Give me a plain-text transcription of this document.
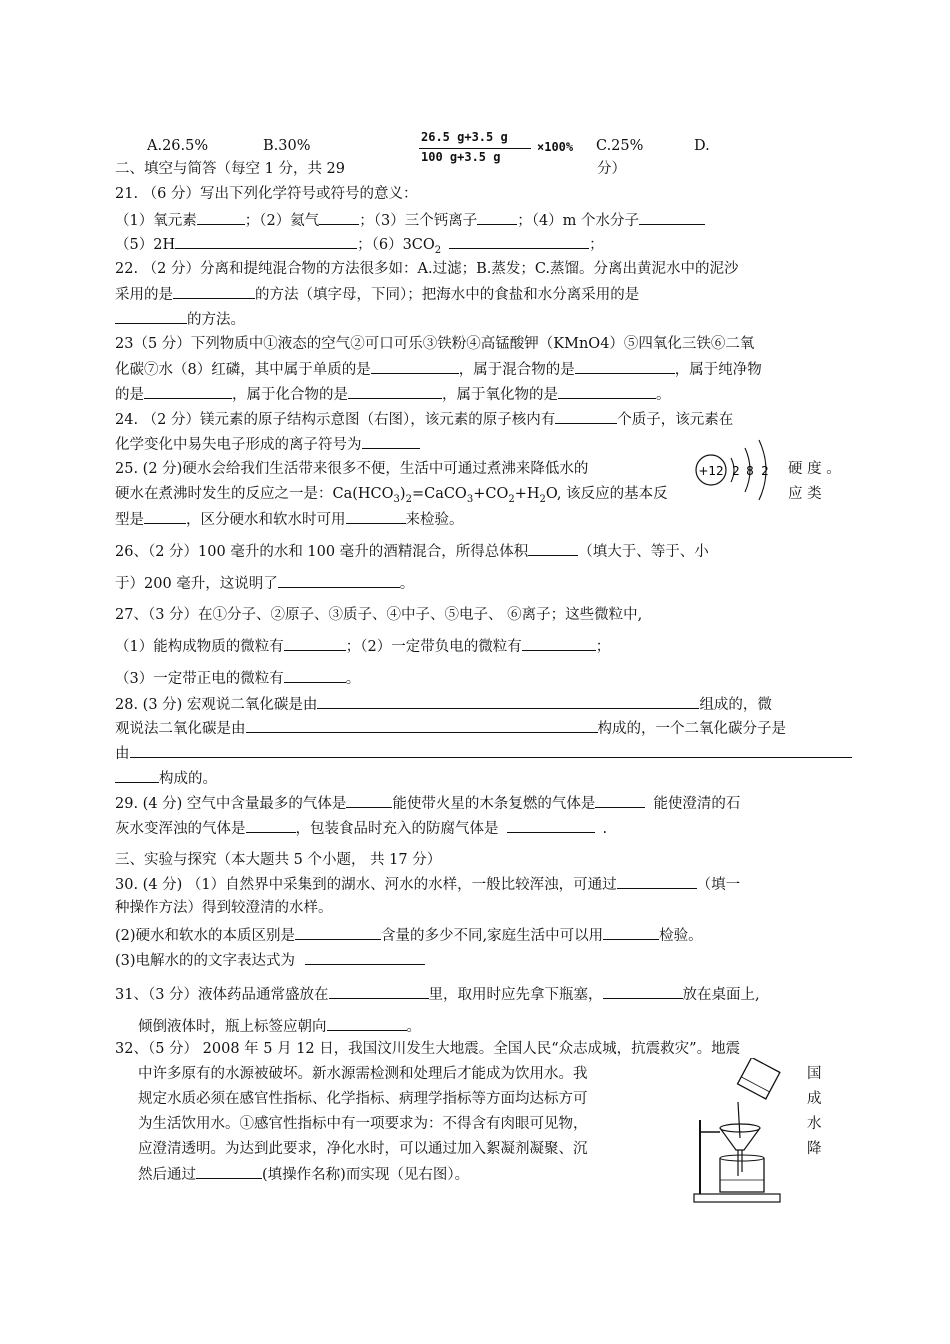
A.26.5%	B.30%
26.5 g+3.5 g
100 g+3.5 g
×100% C.25%	D.
二、填空与简答（每空 1 分，共 29	分）
21. （6 分）写出下列化学符号或符号的意义：
（1）氧元素	；（2）氦气	；（3）三个钙离子	；（4）m 个水分子
（5）2H	；$(6)3CO_2$	；
22. （2 分）分离和提纯混合物的方法很多如：A.过滤；B.蒸发；C.蒸馏。分离出黄泥水中的泥沙
采用的是	的方法（填字母，下同）；把海水中的食盐和水分离采用的是
的方法。
23（5 分）下列物质中①液态的空气②可口可乐③铁粉④高锰酸钾（KMnO4）⑤四氧化三铁⑥二氧
化碳⑦水（8）红磷，其中属于单质的是	，属于混合物的是	，属于纯净物
的是	，属于化合物的是	，属于氧化物的是	。
24. （2 分）镁元素的原子结构示意图（右图），该元素的原子核内有	个质子，该元素在
化学变化中易失电子形成的离子符号为
+12 2 8 2
25. (2 分)硬水会给我们生活带来很多不便，生活中可通过煮沸来降低水的	硬 度 。
硬水在煮沸时发生的反应之一是：$Ca(HCO_3)_2=CaCO_3+CO_2+H_2O$, 该反应的基本反	应 类
型是	，区分硬水和软水时可用	来检验。
26、（2 分）100 毫升的水和 100 毫升的酒精混合，所得总体积	（填大于、等于、小
于）200 毫升，这说明了	。
27、（3 分）在①分子、②原子、③质子、④中子、⑤电子、 ⑥离子；这些微粒中,
（1）能构成物质的微粒有	；（2）一定带负电的微粒有	；
（3）一定带正电的微粒有	。
28. (3 分) 宏观说二氧化碳是由	组成的，微
观说法二氧化碳是由	构成的，一个二氧化碳分子是
由
构成的。
29. (4 分) 空气中含量最多的气体是	能使带火星的木条复燃的气体是	能使澄清的石
灰水变浑浊的气体是	，包装食品时充入的防腐气体是	.
三、实验与探究（本大题共 5 个小题， 共 17 分）
30. (4 分) （1）自然界中采集到的湖水、河水的水样，一般比较浑浊，可通过	（填一
种操作方法）得到较澄清的水样。
(2)硬水和软水的本质区别是	含量的多少不同,家庭生活中可以用	检验。
(3)电解水的的文字表达式为
31、（3 分）液体药品通常盛放在	里，取用时应先拿下瓶塞，	放在桌面上,
倾倒液体时，瓶上标签应朝向	。
32、（5 分） 2008 年 5 月 12 日，我国汶川发生大地震。全国人民“众志成城，抗震救灾”。地震
中许多原有的水源被破坏。新水源需检测和处理后才能成为饮用水。我	国
规定水质必须在感官性指标、化学指标、病理学指标等方面均达标方可	成
为生活饮用水。①感官性指标中有一项要求为：不得含有肉眼可见物，	水
应澄清透明。为达到此要求，净化水时，可以通过加入絮凝剂凝聚、沉	降
然后通过	(填操作名称)而实现（见右图）。
